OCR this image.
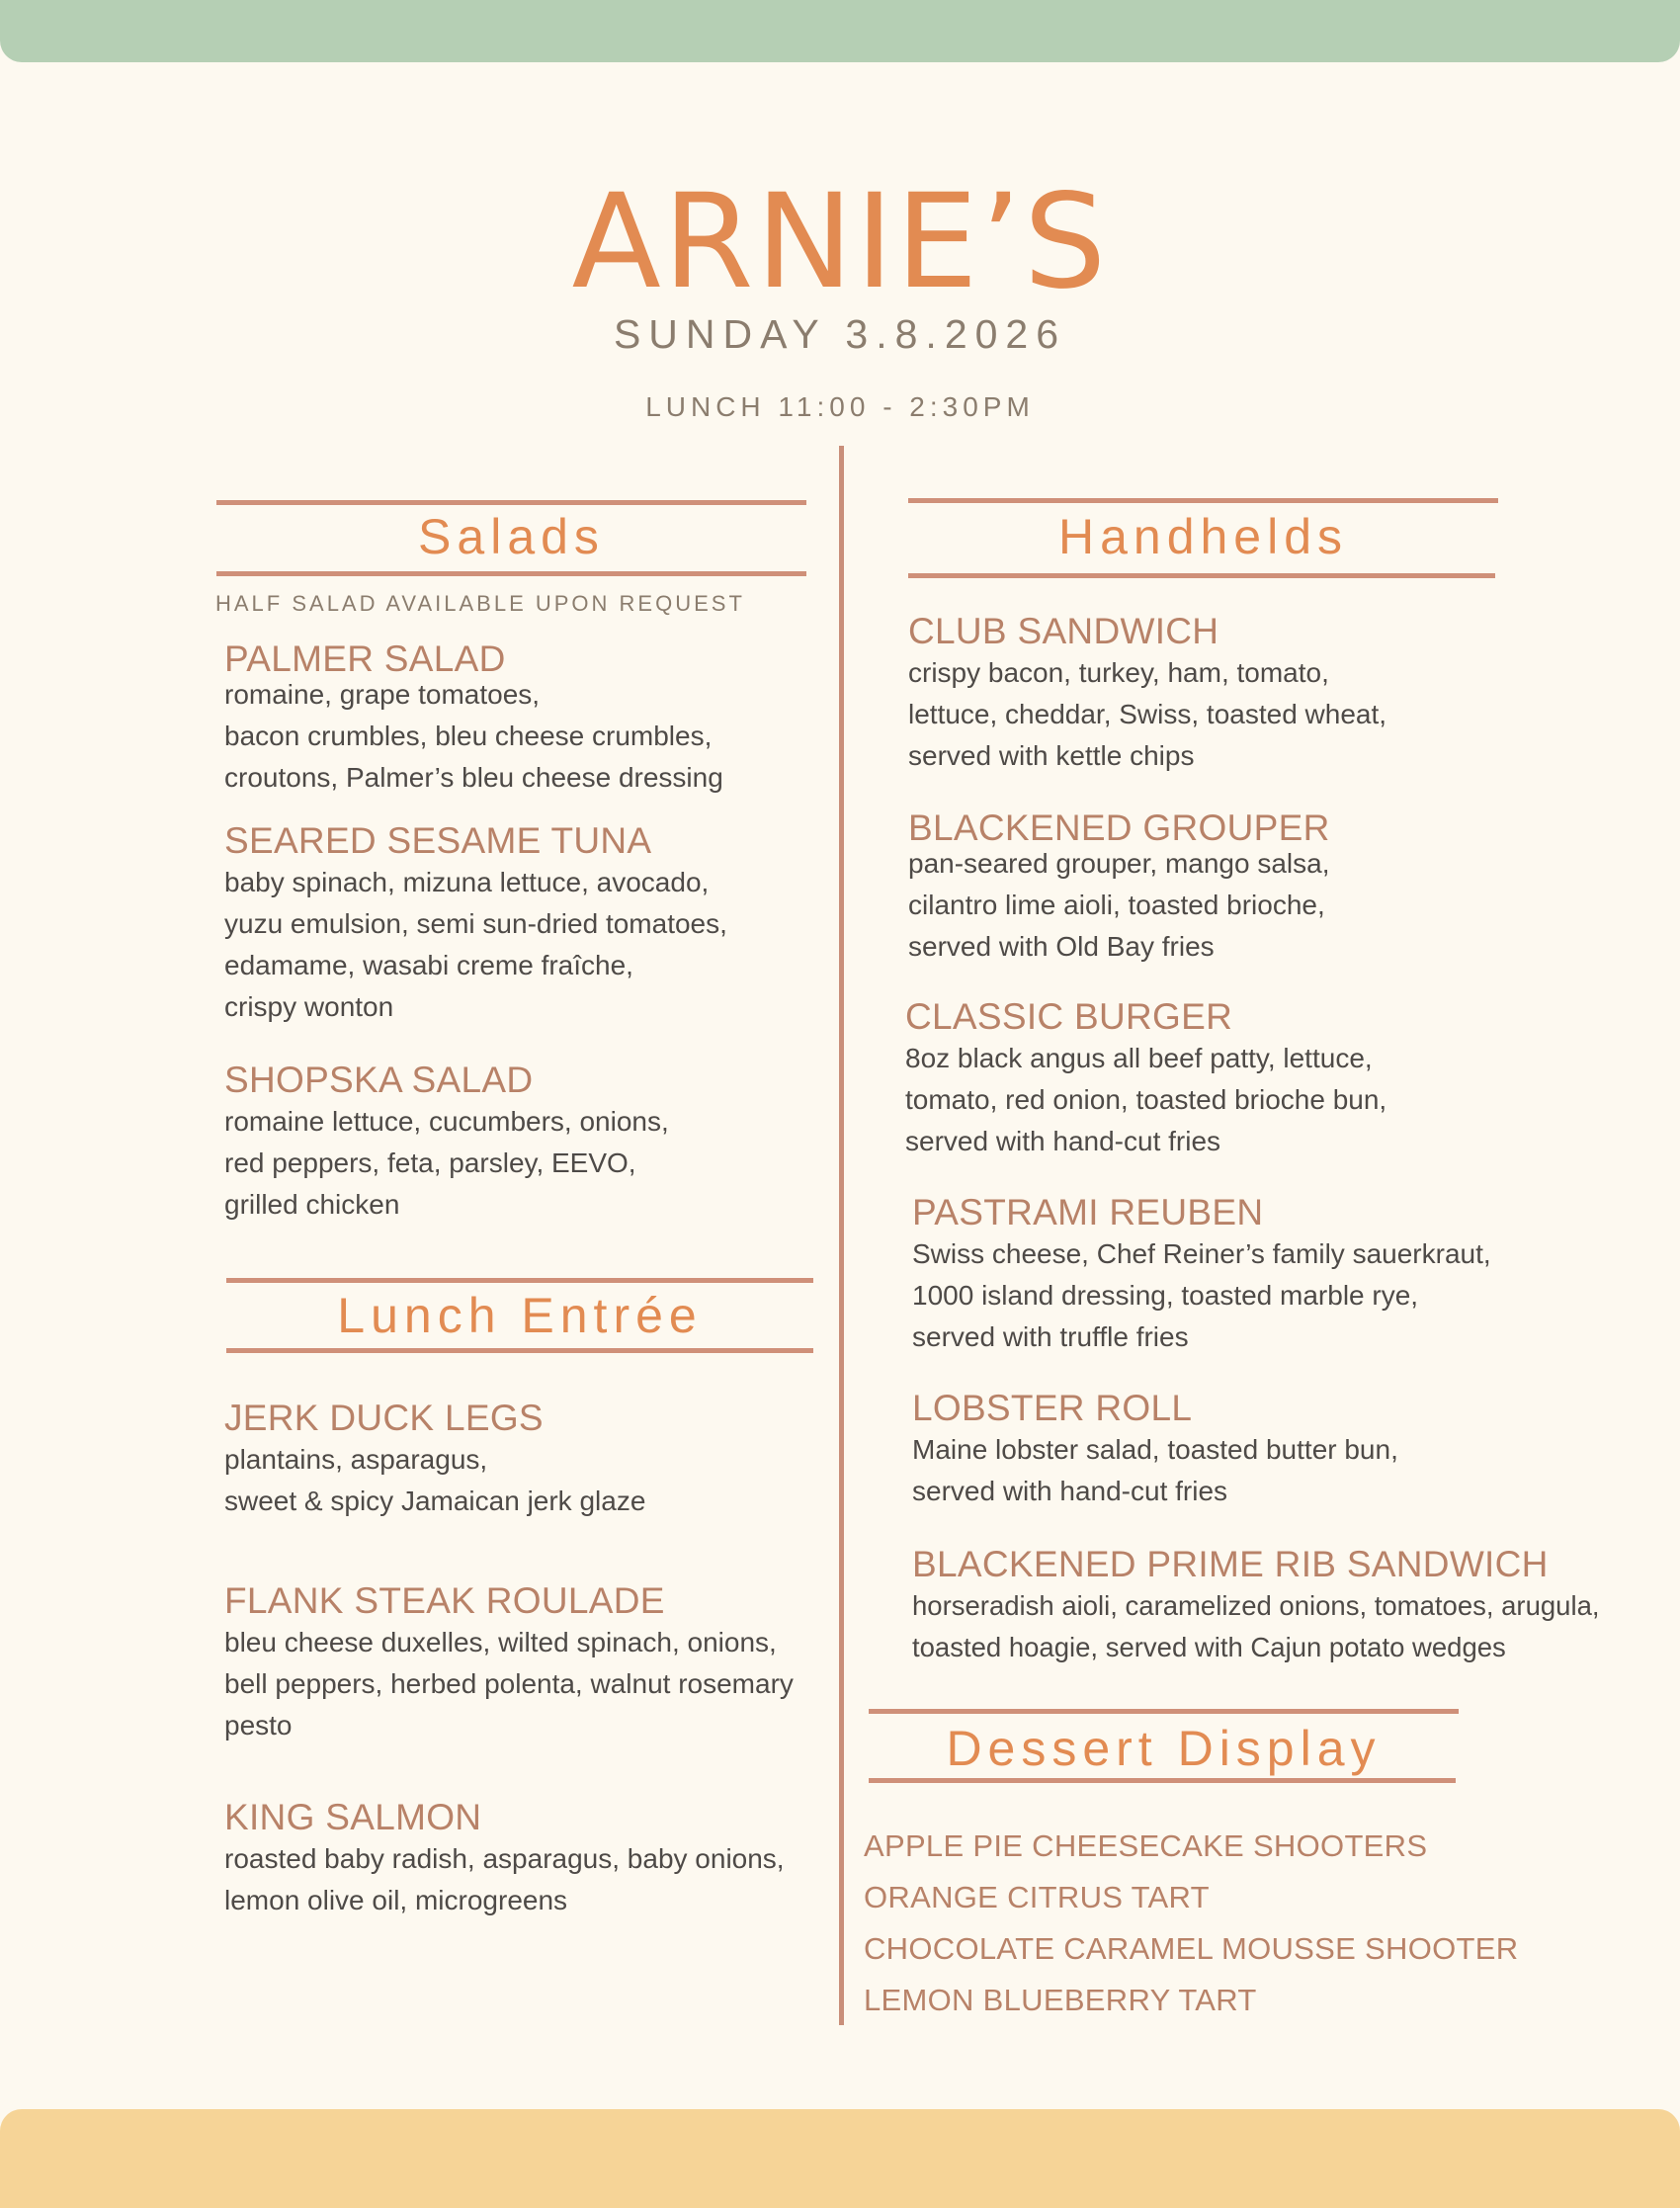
ARNIE’S
SUNDAY 3.8.2026
LUNCH 11:00 - 2:30PM
Salads
HALF SALAD AVAILABLE UPON REQUEST
PALMER SALAD
romaine, grape tomatoes,
bacon crumbles, bleu cheese crumbles,
croutons, Palmer’s bleu cheese dressing
SEARED SESAME TUNA
baby spinach, mizuna lettuce, avocado,
yuzu emulsion, semi sun-dried tomatoes,
edamame, wasabi creme fraîche,
crispy wonton
SHOPSKA SALAD
romaine lettuce, cucumbers, onions,
red peppers, feta, parsley, EEVO,
grilled chicken
Lunch Entrée
JERK DUCK LEGS
plantains, asparagus,
sweet & spicy Jamaican jerk glaze
FLANK STEAK ROULADE
bleu cheese duxelles, wilted spinach, onions,
bell peppers, herbed polenta, walnut rosemary
pesto
KING SALMON
roasted baby radish, asparagus, baby onions,
lemon olive oil, microgreens
Handhelds
CLUB SANDWICH
crispy bacon, turkey, ham, tomato,
lettuce, cheddar, Swiss, toasted wheat,
served with kettle chips
BLACKENED GROUPER
pan-seared grouper, mango salsa,
cilantro lime aioli, toasted brioche,
served with Old Bay fries
CLASSIC BURGER
8oz black angus all beef patty, lettuce,
tomato, red onion, toasted brioche bun,
served with hand-cut fries
PASTRAMI REUBEN
Swiss cheese, Chef Reiner’s family sauerkraut,
1000 island dressing, toasted marble rye,
served with truffle fries
LOBSTER ROLL
Maine lobster salad, toasted butter bun,
served with hand-cut fries
BLACKENED PRIME RIB SANDWICH
horseradish aioli, caramelized onions, tomatoes, arugula,
toasted hoagie, served with Cajun potato wedges
Dessert Display
APPLE PIE CHEESECAKE SHOOTERS
ORANGE CITRUS TART
CHOCOLATE CARAMEL MOUSSE SHOOTER
LEMON BLUEBERRY TART
